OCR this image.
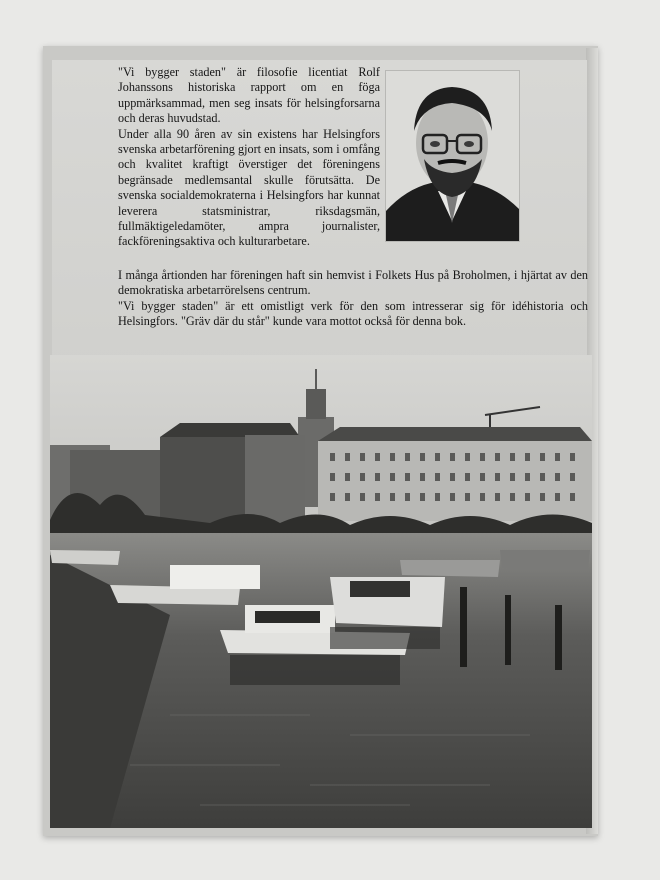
"Vi bygger staden" är filosofie licentiat Rolf Johanssons historiska rapport om en föga uppmärksammad, men seg insats för helsingforsarna och deras huvudstad.

Under alla 90 åren av sin existens har Helsingfors svenska arbetarförening gjort en insats, som i omfång och kvalitet kraftigt överstiger det föreningens begränsade medlemsantal skulle förutsätta. De svenska socialdemokraterna i Helsingfors har kunnat leverera statsministrar, riksdagsmän, fullmäktigeledamöter, ampra journalister, fackföreningsaktiva och kulturarbetare.

I många årtionden har föreningen haft sin hemvist i Folkets Hus på Broholmen, i hjärtat av den demokratiska arbetarrörelsens centrum.

"Vi bygger staden" är ett omistligt verk för den som intresserar sig för idéhistoria och Helsingfors. "Gräv där du står" kunde vara mottot också för denna bok.
